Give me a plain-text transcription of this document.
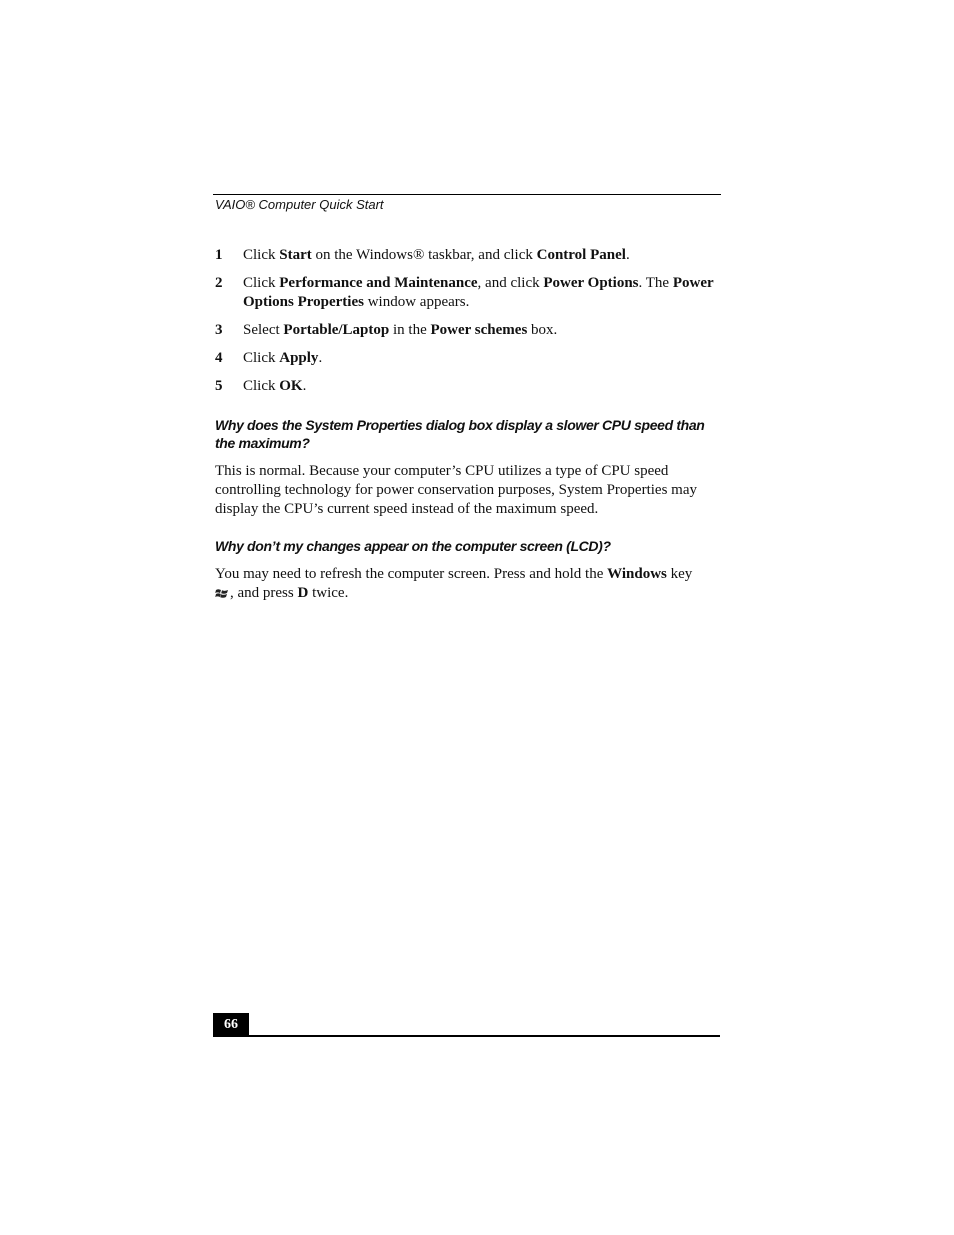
VAIO® Computer Quick Start
1 Click Start on the Windows® taskbar, and click Control Panel.
2 Click Performance and Maintenance, and click Power Options. The Power Options Properties window appears.
3 Select Portable/Laptop in the Power schemes box.
4 Click Apply.
5 Click OK.
Why does the System Properties dialog box display a slower CPU speed than the maximum?

This is normal. Because your computer’s CPU utilizes a type of CPU speed controlling technology for power conservation purposes, System Properties may display the CPU’s current speed instead of the maximum speed.

Why don’t my changes appear on the computer screen (LCD)?

You may need to refresh the computer screen. Press and hold the Windows key
, and press D twice.

66
